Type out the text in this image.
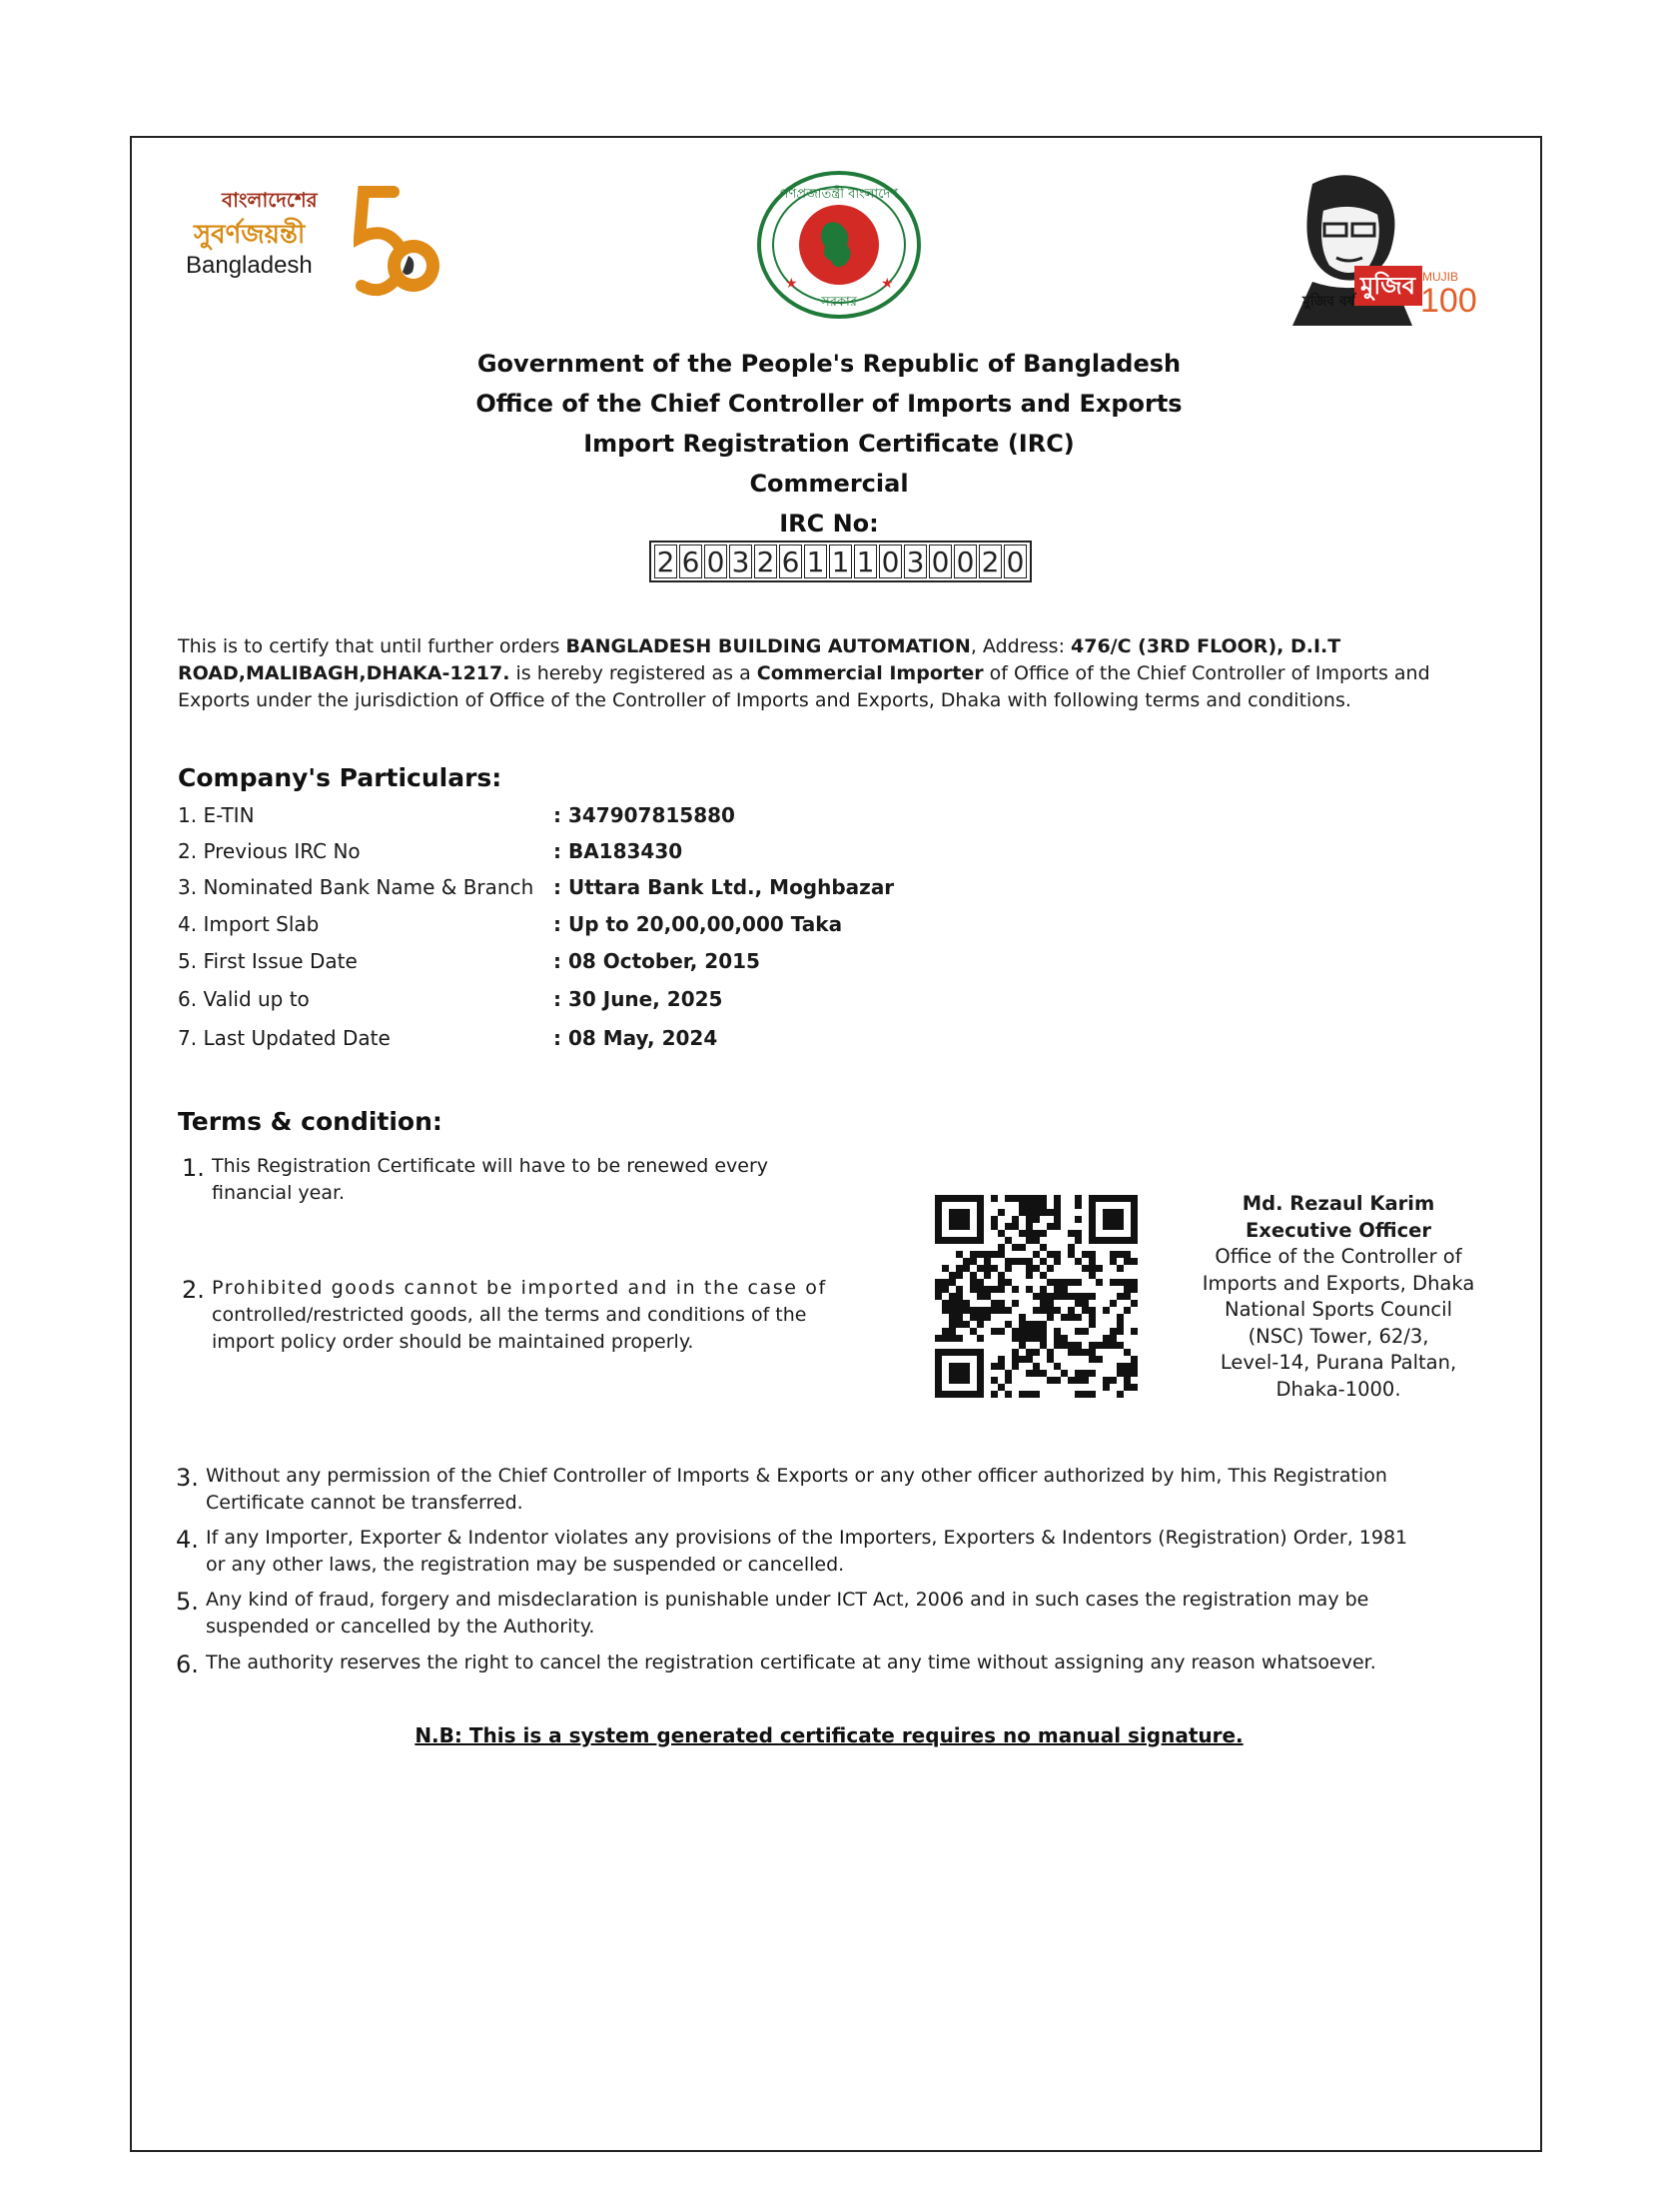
বাংলাদেশের
সুবর্ণজয়ন্তী
Bangladesh
গণপ্রজাতন্ত্রী বাংলাদেশ
সরকার
★	★	মুজিব
মুজিব বর্ষ
MUJIB
100
Government of the People's Republic of Bangladesh
Office of the Chief Controller of Imports and Exports
Import Registration Certificate (IRC)
Commercial
IRC No:
2 6 0 3 2 6 1 1 1 0 3 0 0 2 0
This is to certify that until further orders BANGLADESH BUILDING AUTOMATION, Address: 476/C (3RD FLOOR), D.I.T ROAD,MALIBAGH,DHAKA-1217. is hereby registered as a Commercial Importer of Office of the Chief Controller of Imports and Exports under the jurisdiction of Office of the Controller of Imports and Exports, Dhaka with following terms and conditions.
Company's Particulars:
1. E-TIN	: 347907815880
2. Previous IRC No	: BA183430
3. Nominated Bank Name & Branch : Uttara Bank Ltd., Moghbazar
4. Import Slab	: Up to 20,00,00,000 Taka
5. First Issue Date	: 08 October, 2015
6. Valid up to	: 30 June, 2025
7. Last Updated Date	: 08 May, 2024
Terms & condition:
1. This Registration Certificate will have to be renewed every
financial year.
2. Prohibited goods cannot be imported and in the case of
controlled/restricted goods, all the terms and conditions of the
import policy order should be maintained properly.
Md. Rezaul Karim
Executive Officer
Office of the Controller of
Imports and Exports, Dhaka
National Sports Council
(NSC) Tower, 62/3,
Level-14, Purana Paltan,
Dhaka-1000.
3. Without any permission of the Chief Controller of Imports & Exports or any other officer authorized by him, This Registration
Certificate cannot be transferred.
4. If any Importer, Exporter & Indentor violates any provisions of the Importers, Exporters & Indentors (Registration) Order, 1981
or any other laws, the registration may be suspended or cancelled.
5. Any kind of fraud, forgery and misdeclaration is punishable under ICT Act, 2006 and in such cases the registration may be
suspended or cancelled by the Authority.
6. The authority reserves the right to cancel the registration certificate at any time without assigning any reason whatsoever.
N.B: This is a system generated certificate requires no manual signature.
